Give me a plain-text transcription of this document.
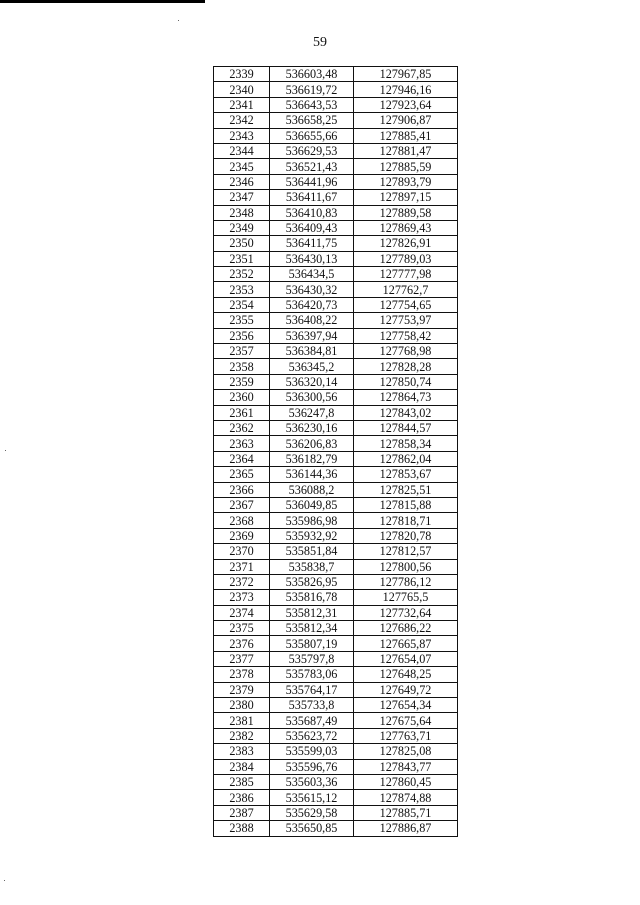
59
2339	536603,48	127967,85
2340	536619,72	127946,16
2341	536643,53	127923,64
2342	536658,25	127906,87
2343	536655,66	127885,41
2344	536629,53	127881,47
2345	536521,43	127885,59
2346	536441,96	127893,79
2347	536411,67	127897,15
2348	536410,83	127889,58
2349	536409,43	127869,43
2350	536411,75	127826,91
2351	536430,13	127789,03
2352	536434,5	127777,98
2353	536430,32	127762,7
2354	536420,73	127754,65
2355	536408,22	127753,97
2356	536397,94	127758,42
2357	536384,81	127768,98
2358	536345,2	127828,28
2359	536320,14	127850,74
2360	536300,56	127864,73
2361	536247,8	127843,02
2362	536230,16	127844,57
2363	536206,83	127858,34
2364	536182,79	127862,04
2365	536144,36	127853,67
2366	536088,2	127825,51
2367	536049,85	127815,88
2368	535986,98	127818,71
2369	535932,92	127820,78
2370	535851,84	127812,57
2371	535838,7	127800,56
2372	535826,95	127786,12
2373	535816,78	127765,5
2374	535812,31	127732,64
2375	535812,34	127686,22
2376	535807,19	127665,87
2377	535797,8	127654,07
2378	535783,06	127648,25
2379	535764,17	127649,72
2380	535733,8	127654,34
2381	535687,49	127675,64
2382	535623,72	127763,71
2383	535599,03	127825,08
2384	535596,76	127843,77
2385	535603,36	127860,45
2386	535615,12	127874,88
2387	535629,58	127885,71
2388	535650,85	127886,87
